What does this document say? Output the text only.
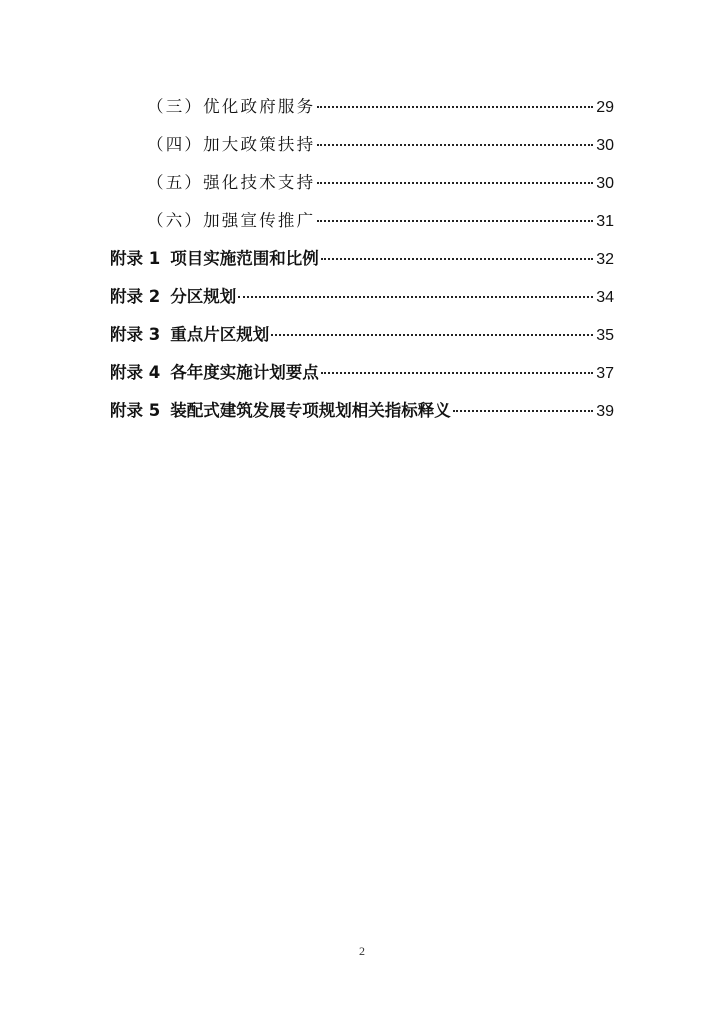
（三） 优化政府服务	29
（四） 加大政策扶持	30
（五） 强化技术支持	30
（六） 加强宣传推广	31
附录 1 项目实施范围和比例	32
附录 2 分区规划	34
附录 3 重点片区规划	35
附录 4 各年度实施计划要点	37
附录 5 装配式建筑发展专项规划相关指标释义	39
2
